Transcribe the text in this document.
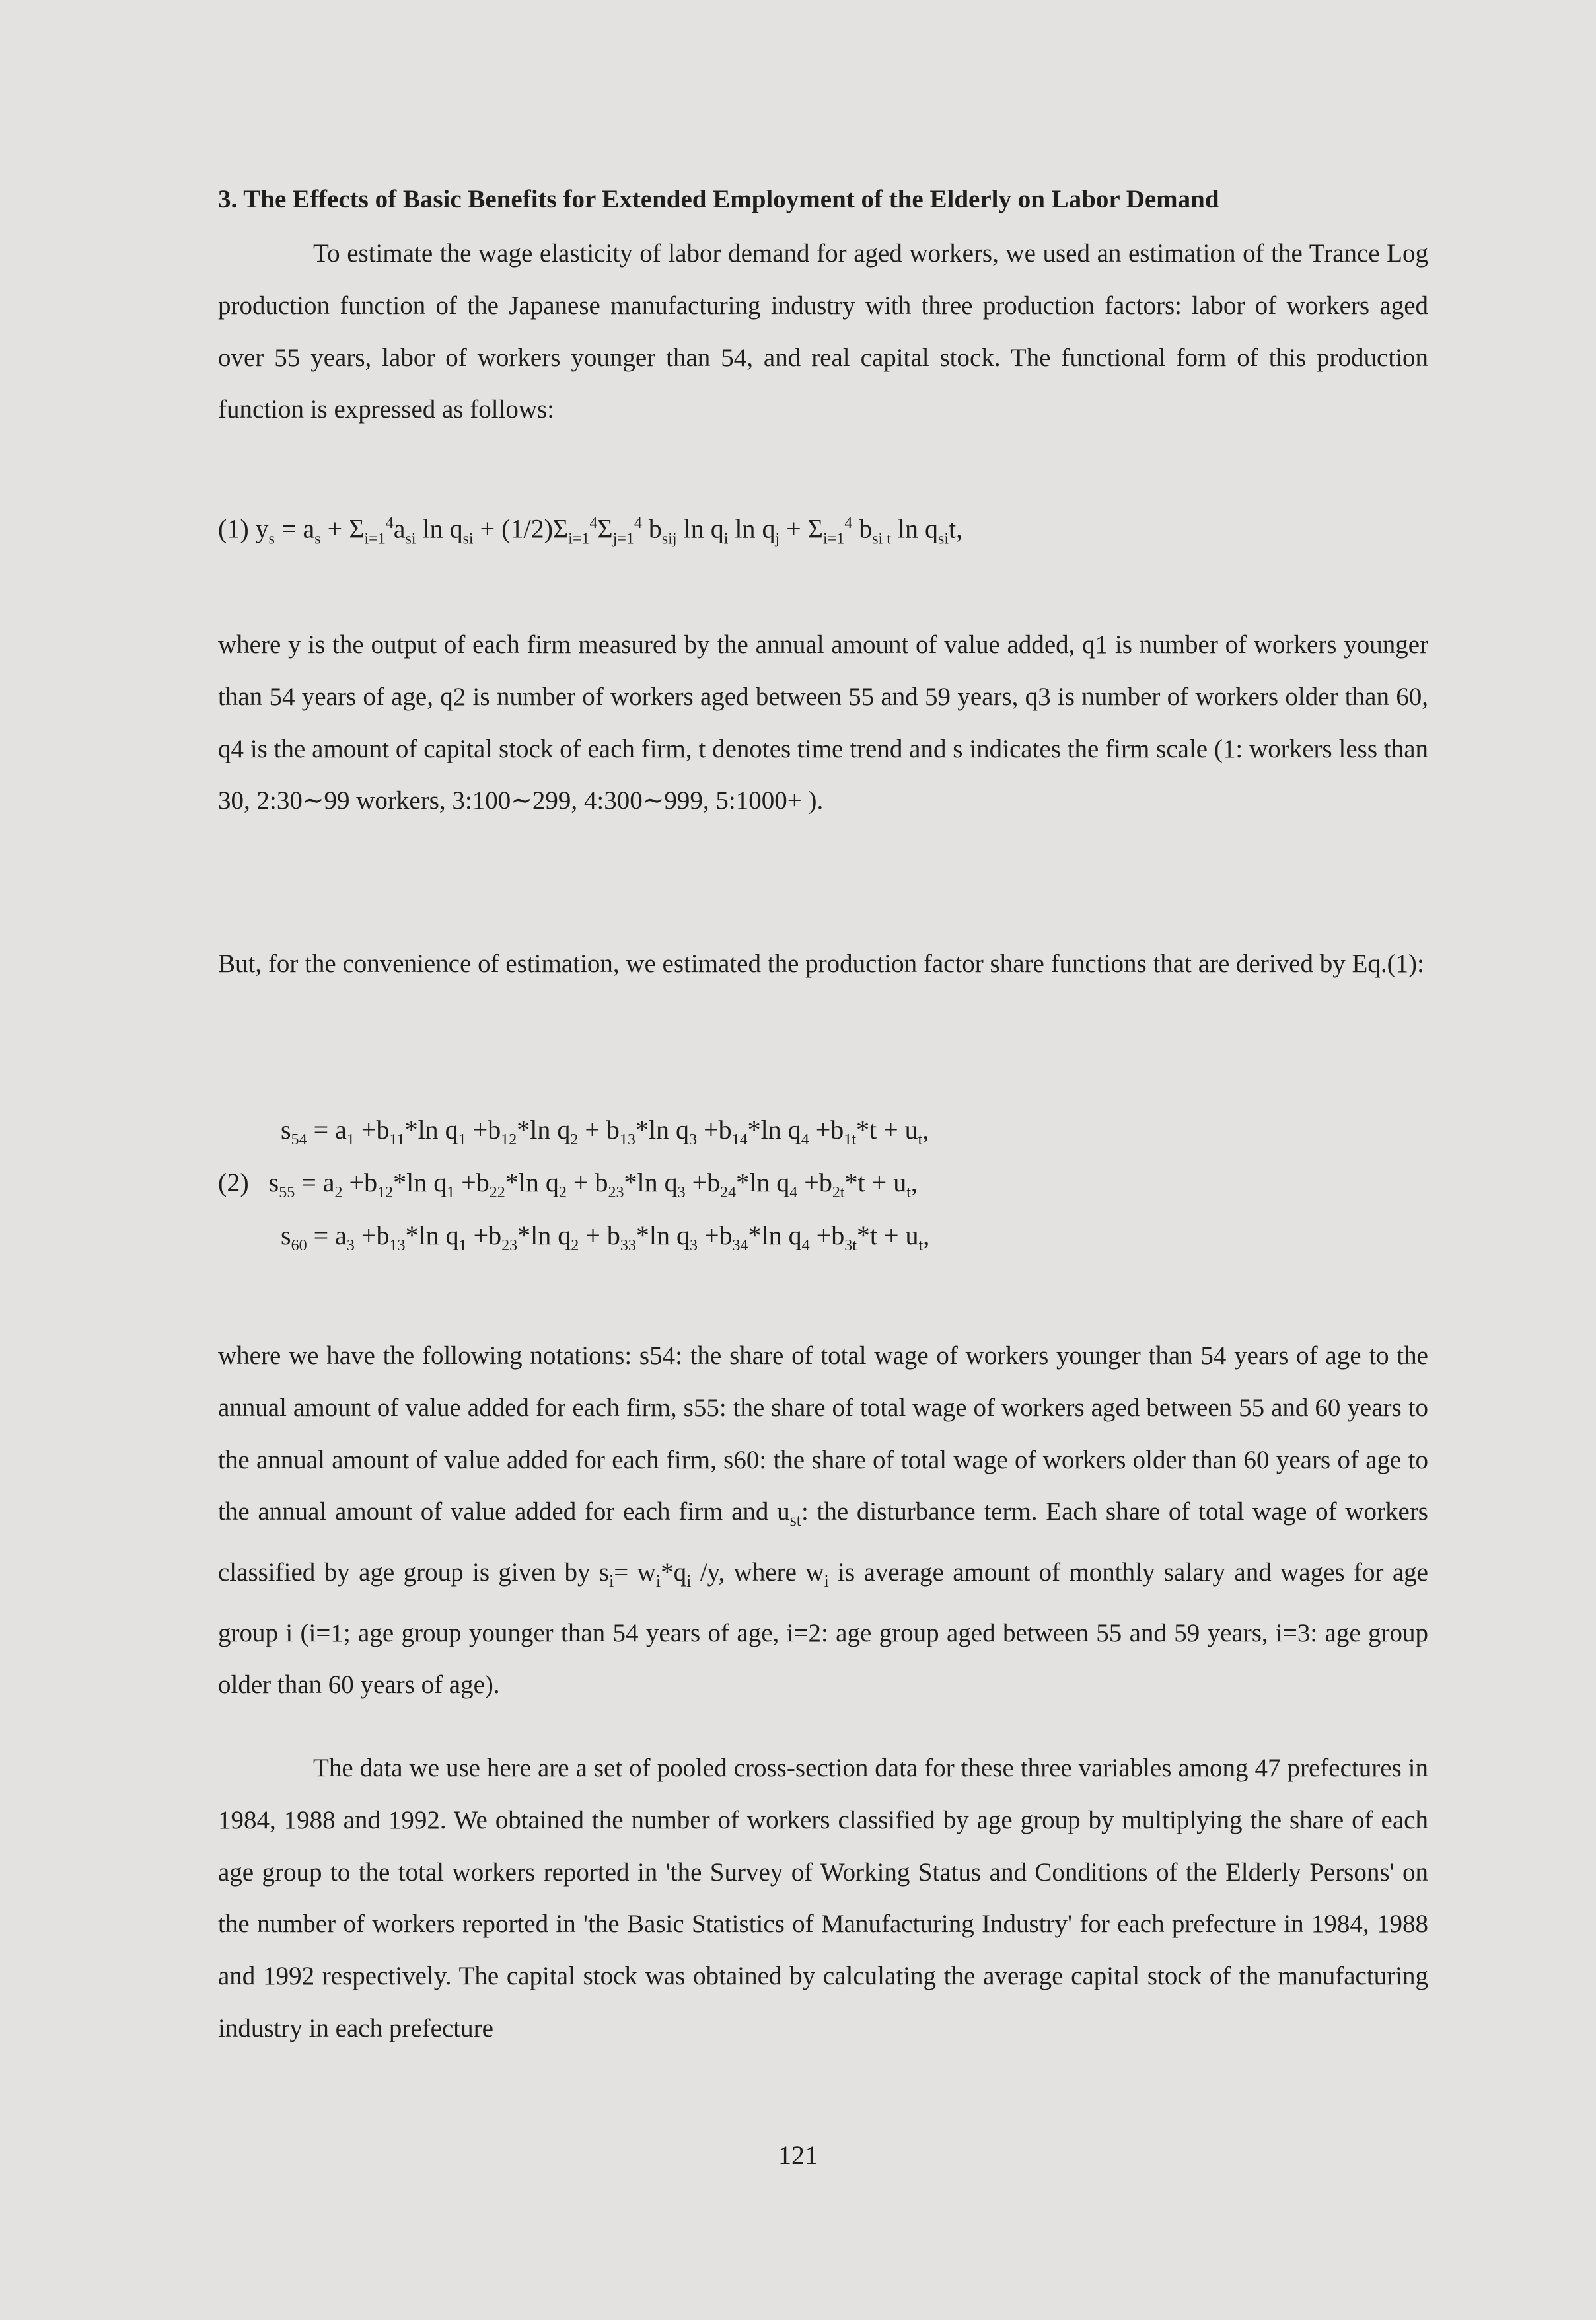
3. The Effects of Basic Benefits for Extended Employment of the Elderly on Labor Demand

To estimate the wage elasticity of labor demand for aged workers, we used an estimation of the Trance Log production function of the Japanese manufacturing industry with three production factors: labor of workers aged over 55 years, labor of workers younger than 54, and real capital stock. The functional form of this production function is expressed as follows:

(1) $y_s = a_s + \Sigma_{i=1}^4a_{si}$ $\ln q_{si} + (1/2)\Sigma_{i=1}^4\Sigma_{j=1}^4$ $b_{sij}$ $\ln q_i$ $\ln q_j + \Sigma_{i=1}^4$ $b_{si t}$ $\ln q_{si}t$,

where y is the output of each firm measured by the annual amount of value added, q1 is number of workers younger than 54 years of age, q2 is number of workers aged between 55 and 59 years, q3 is number of workers older than 60, q4 is the amount of capital stock of each firm, t denotes time trend and s indicates the firm scale (1: workers less than 30, 2:30∼99 workers, 3:100∼299, 4:300∼999, 5:1000+ ).

But, for the convenience of estimation, we estimated the production factor share functions that are derived by Eq.(1):

$s_{54} = a_1 +b_{11}*\ln$ $q_1 +b_{12}*\ln$ $q_2 + b_{13}*\ln$ $q_3 +b_{14}*\ln$ $q_4 +b_{1t}*t + u_t$,
(2)   $s_{55} = a_2 +b_{12}*\ln$ $q_1 +b_{22}*\ln$ $q_2 + b_{23}*\ln$ $q_3 +b_{24}*\ln$ $q_4 +b_{2t}*t + u_t$,
$s_{60} = a_3 +b_{13}*\ln$ $q_1 +b_{23}*\ln$ $q_2 + b_{33}*\ln$ $q_3 +b_{34}*\ln$ $q_4 +b_{3t}*t + u_t$,

where we have the following notations: s54: the share of total wage of workers younger than 54 years of age to the annual amount of value added for each firm, s55: the share of total wage of workers aged between 55 and 60 years to the annual amount of value added for each firm, s60: the share of total wage of workers older than 60 years of age to the annual amount of value added for each firm and $u_{st}$: the disturbance term. Each share of total wage of workers classified by age group is given by $s_i= w_i*q_i$ /y, where $w_i$ is average amount of monthly salary and wages for age group i (i=1; age group younger than 54 years of age, i=2: age group aged between 55 and 59 years, i=3: age group older than 60 years of age).

The data we use here are a set of pooled cross-section data for these three variables among 47 prefectures in 1984, 1988 and 1992. We obtained the number of workers classified by age group by multiplying the share of each age group to the total workers reported in 'the Survey of Working Status and Conditions of the Elderly Persons' on the number of workers reported in 'the Basic Statistics of Manufacturing Industry' for each prefecture in 1984, 1988 and 1992 respectively. The capital stock was obtained by calculating the average capital stock of the manufacturing industry in each prefecture

121
